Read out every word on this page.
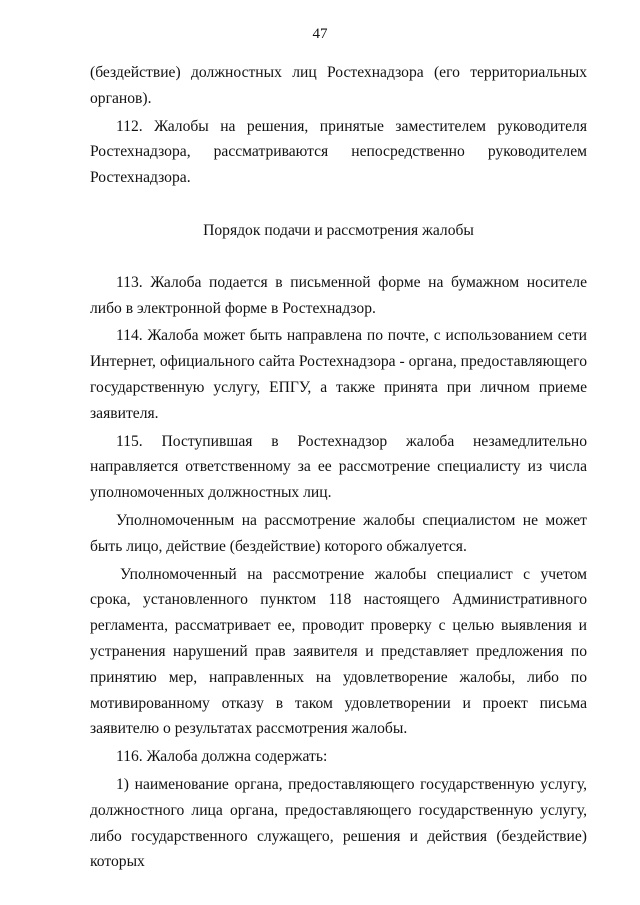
47

(бездействие) должностных лиц Ростехнадзора (его территориальных органов).

112. Жалобы на решения, принятые заместителем руководителя Ростехнадзора, рассматриваются непосредственно руководителем Ростехнадзора.

Порядок подачи и рассмотрения жалобы

113. Жалоба подается в письменной форме на бумажном носителе либо в электронной форме в Ростехнадзор.

114. Жалоба может быть направлена по почте, с использованием сети Интернет, официального сайта Ростехнадзора - органа, предоставляющего государственную услугу, ЕПГУ, а также принята при личном приеме заявителя.

115. Поступившая в Ростехнадзор жалоба незамедлительно направляется ответственному за ее рассмотрение специалисту из числа уполномоченных должностных лиц.

Уполномоченным на рассмотрение жалобы специалистом не может быть лицо, действие (бездействие) которого обжалуется.

Уполномоченный на рассмотрение жалобы специалист с учетом срока, установленного пунктом 118 настоящего Административного регламента, рассматривает ее, проводит проверку с целью выявления и устранения нарушений прав заявителя и представляет предложения по принятию мер, направленных на удовлетворение жалобы, либо по мотивированному отказу в таком удовлетворении и проект письма заявителю о результатах рассмотрения жалобы.

116. Жалоба должна содержать:

1) наименование органа, предоставляющего государственную услугу, должностного лица органа, предоставляющего государственную услугу, либо государственного служащего, решения и действия (бездействие) которых
